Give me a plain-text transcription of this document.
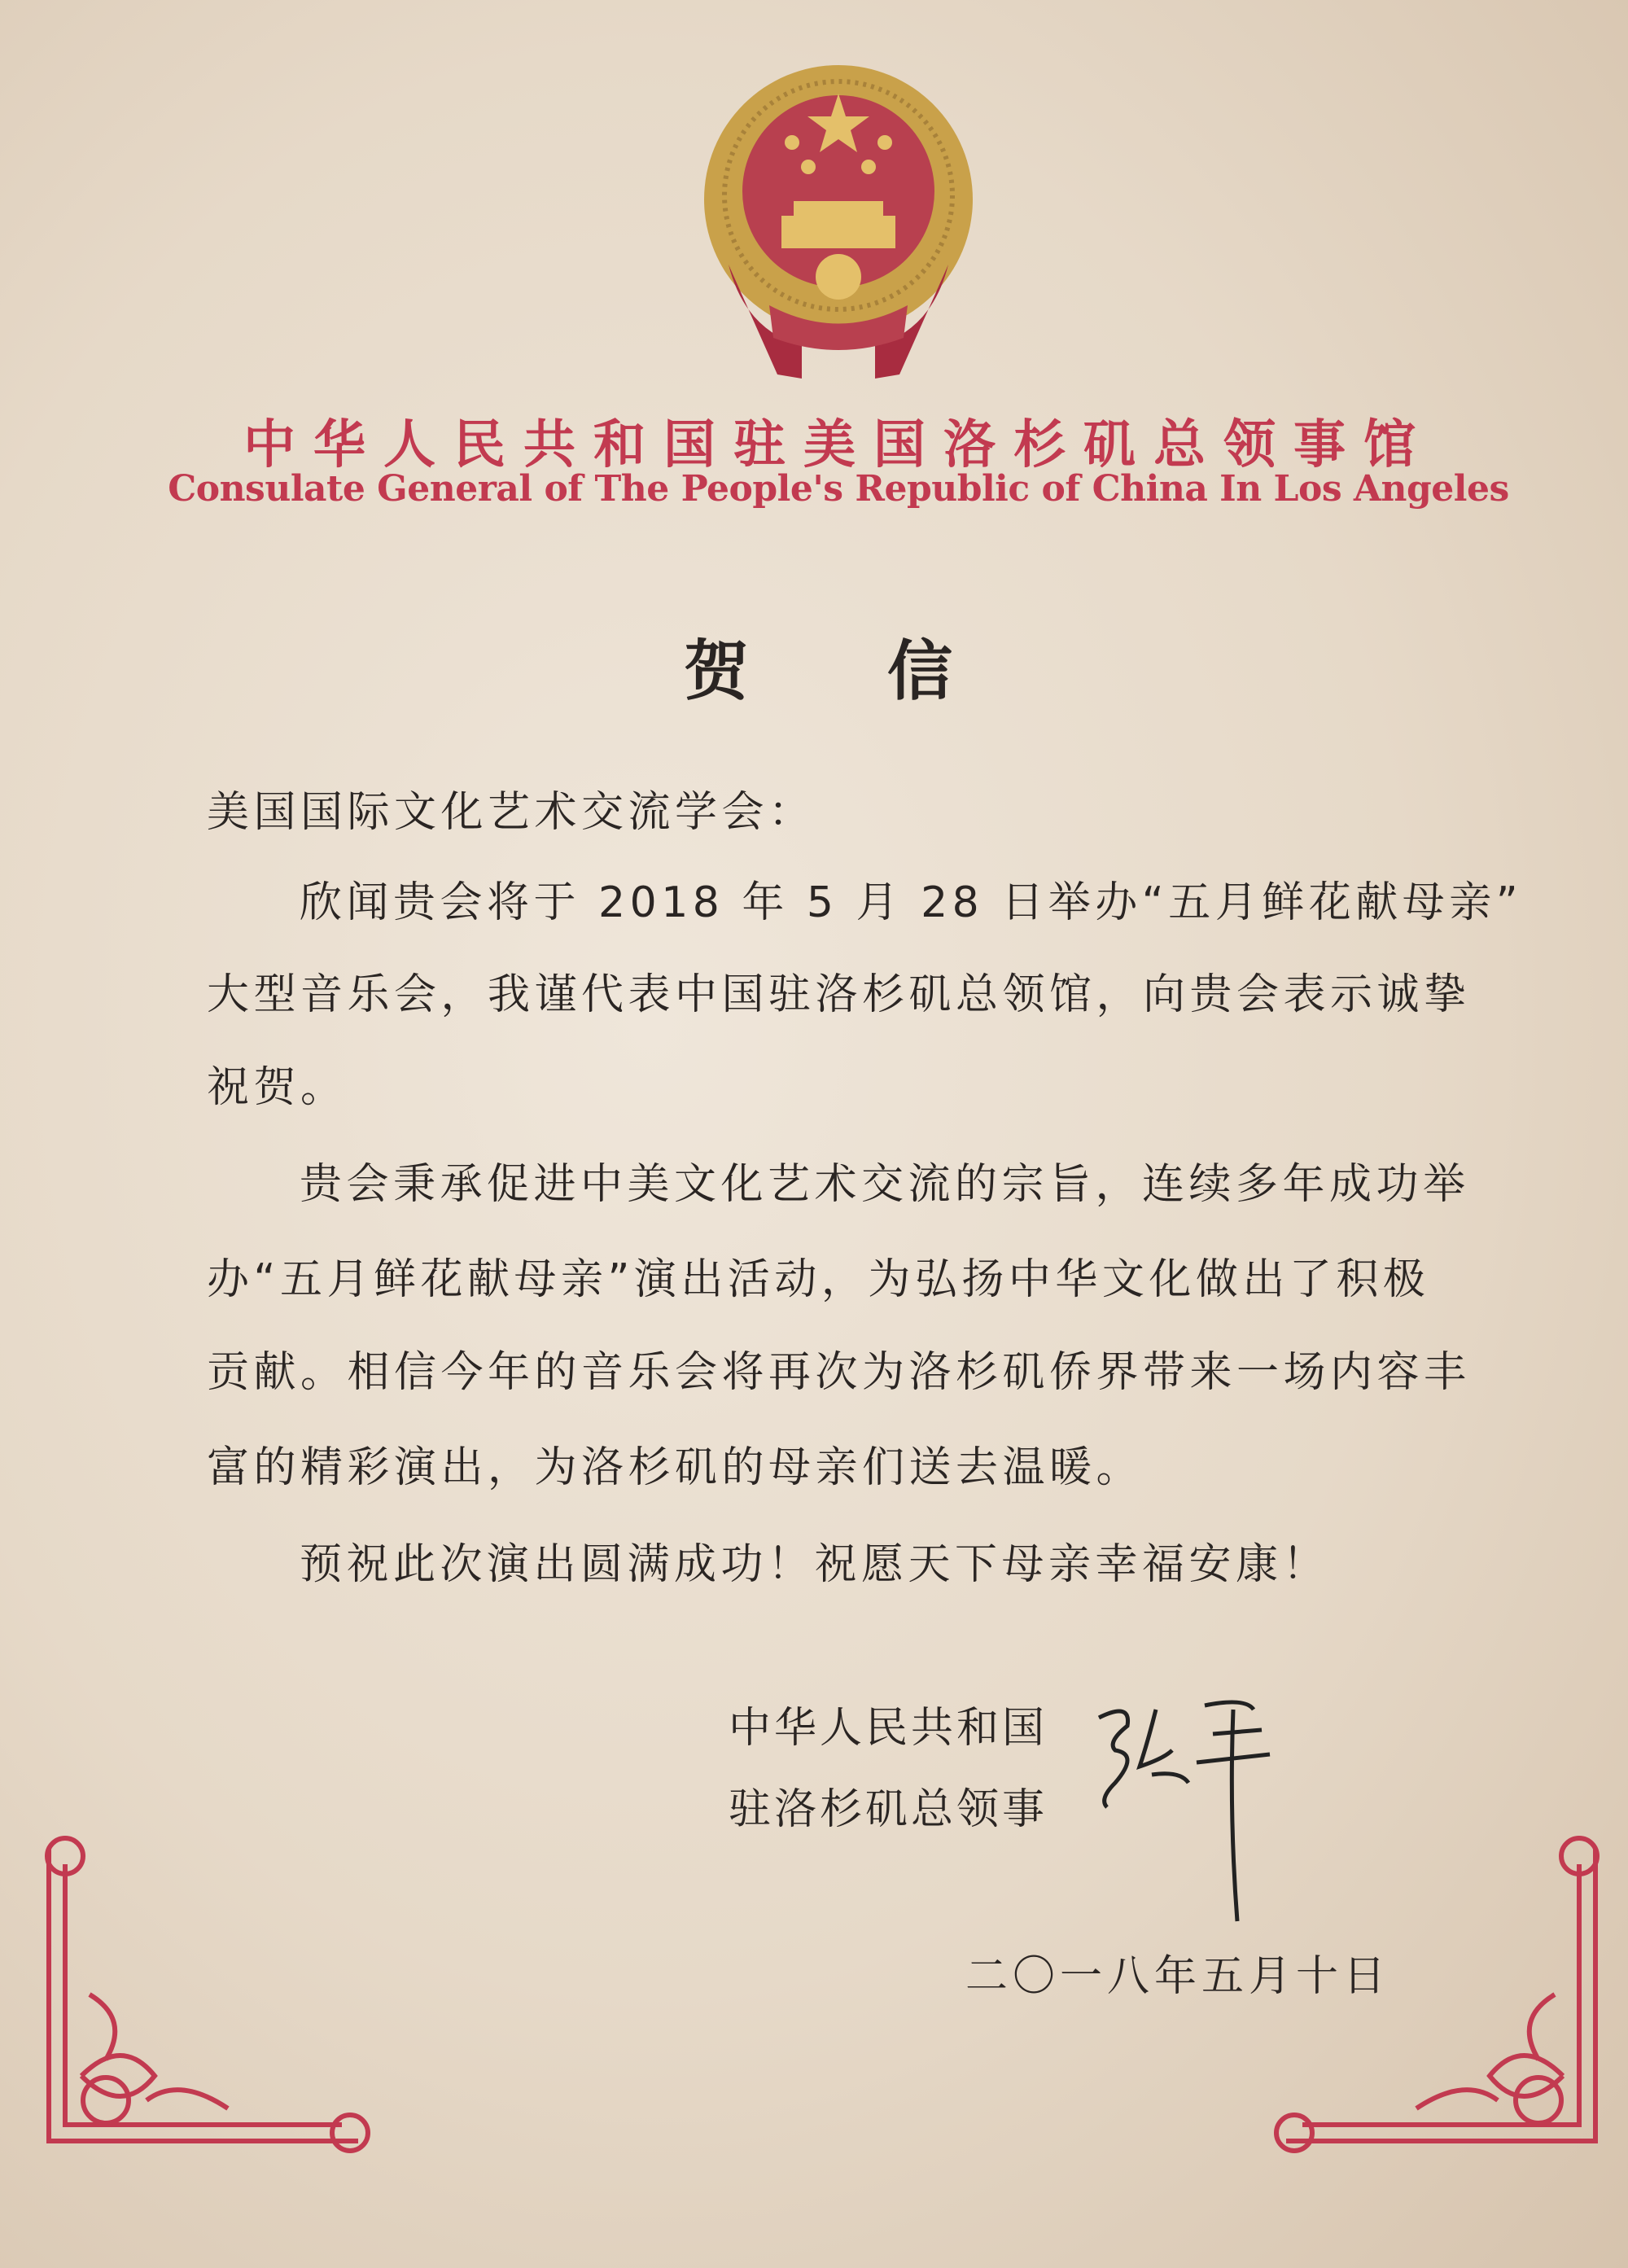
中华人民共和国驻美国洛杉矶总领事馆
Consulate General of The People's Republic of China In Los Angeles
贺信
美国国际文化艺术交流学会：
欣闻贵会将于 2018 年 5 月 28 日举办“五月鲜花献母亲”
大型音乐会，我谨代表中国驻洛杉矶总领馆，向贵会表示诚挚
祝贺。
贵会秉承促进中美文化艺术交流的宗旨，连续多年成功举
办“五月鲜花献母亲”演出活动，为弘扬中华文化做出了积极
贡献。相信今年的音乐会将再次为洛杉矶侨界带来一场内容丰
富的精彩演出，为洛杉矶的母亲们送去温暖。
预祝此次演出圆满成功！祝愿天下母亲幸福安康！
中华人民共和国
驻洛杉矶总领事
二〇一八年五月十日
